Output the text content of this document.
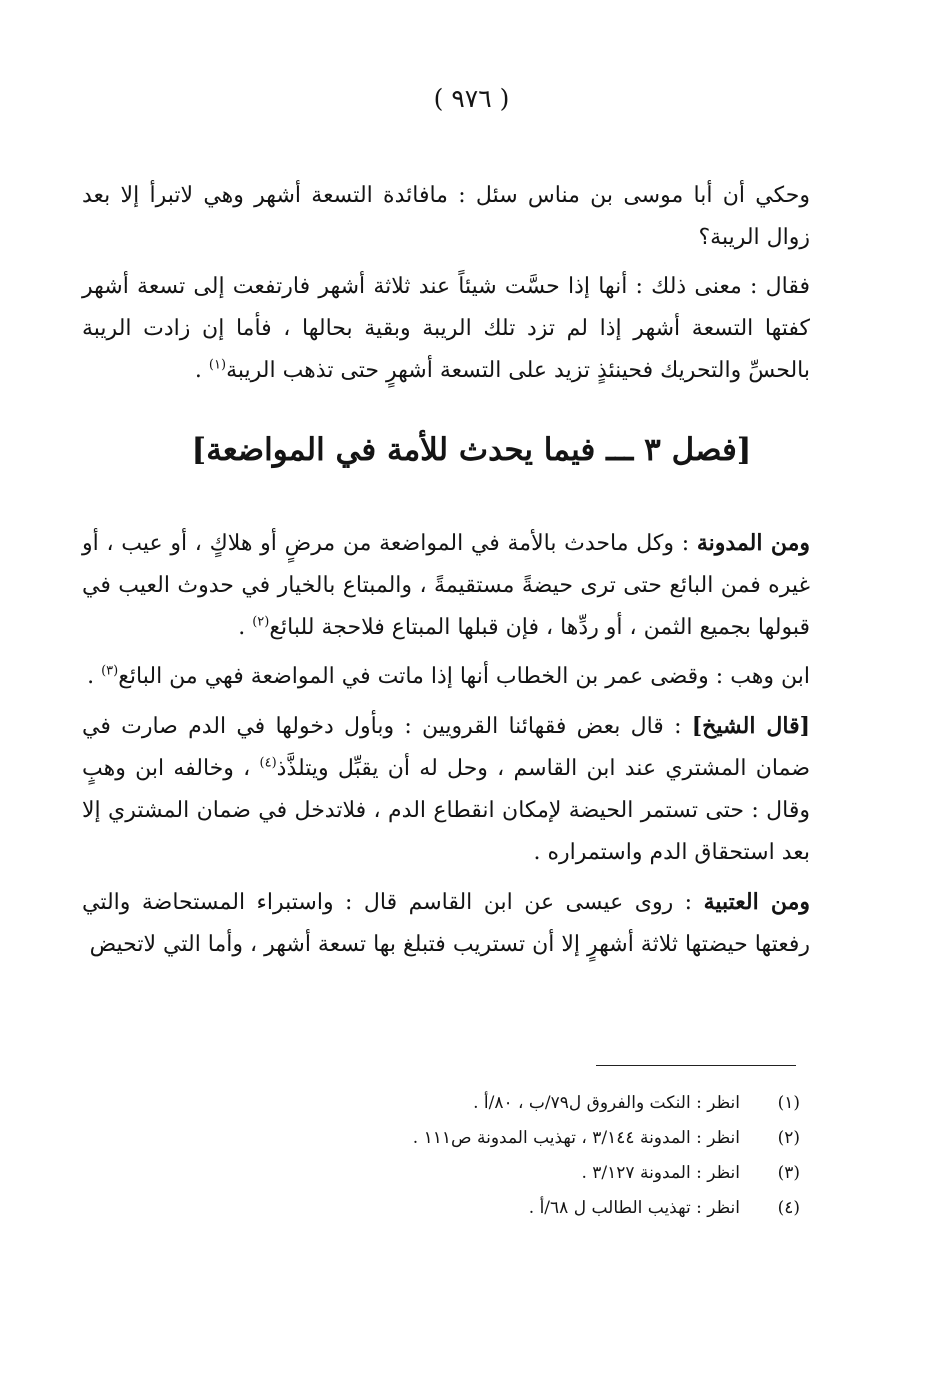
( ٩٧٦ )

وحكي أن أبا موسى بن مناس سئل : مافائدة التسعة أشهر وهي لاتبرأ إلا بعد زوال الريبة؟

فقال : معنى ذلك : أنها إذا حسَّت شيئاً عند ثلاثة أشهر فارتفعت إلى تسعة أشهر كفتها التسعة أشهر إذا لم تزد تلك الريبة وبقية بحالها ، فأما إن زادت الريبة بالحسِّ والتحريك فحينئذٍ تزيد على التسعة أشهرٍ حتى تذهب الريبة$^{(١)}$ .

[فصل ٣ ـــ فيما يحدث للأمة في المواضعة]

ومن المدونة : وكل ماحدث بالأمة في المواضعة من مرضٍ أو هلاكٍ ، أو عيب ، أو غيره فمن البائع حتى ترى حيضةً مستقيمةً ، والمبتاع بالخيار في حدوث العيب في قبولها بجميع الثمن ، أو ردِّها ، فإن قبلها المبتاع فلاحجة للبائع$^{(٢)}$ .

ابن وهب : وقضى عمر بن الخطاب أنها إذا ماتت في المواضعة فهي من البائع$^{(٣)}$ .

[قال الشيخ] : قال بعض فقهائنا القرويين : وبأول دخولها في الدم صارت في ضمان المشتري عند ابن القاسم ، وحل له أن يقبِّل ويتلذَّذ$^{(٤)}$ ، وخالفه ابن وهبٍ وقال : حتى تستمر الحيضة لإمكان انقطاع الدم ، فلاتدخل في ضمان المشتري إلا بعد استحقاق الدم واستمراره .

ومن العتبية : روى عيسى عن ابن القاسم قال : واستبراء المستحاضة والتي رفعتها حيضتها ثلاثة أشهرٍ إلا أن تستريب فتبلغ بها تسعة أشهر ، وأما التي لاتحيض

(١)
انظر : النكت والفروق ل٧٩/ب ، ٨٠/أ .
(٢)
انظر : المدونة ٣/١٤٤ ، تهذيب المدونة ص١١١ .
(٣)
انظر : المدونة ٣/١٢٧ .
(٤)
انظر : تهذيب الطالب ل ٦٨/أ .
